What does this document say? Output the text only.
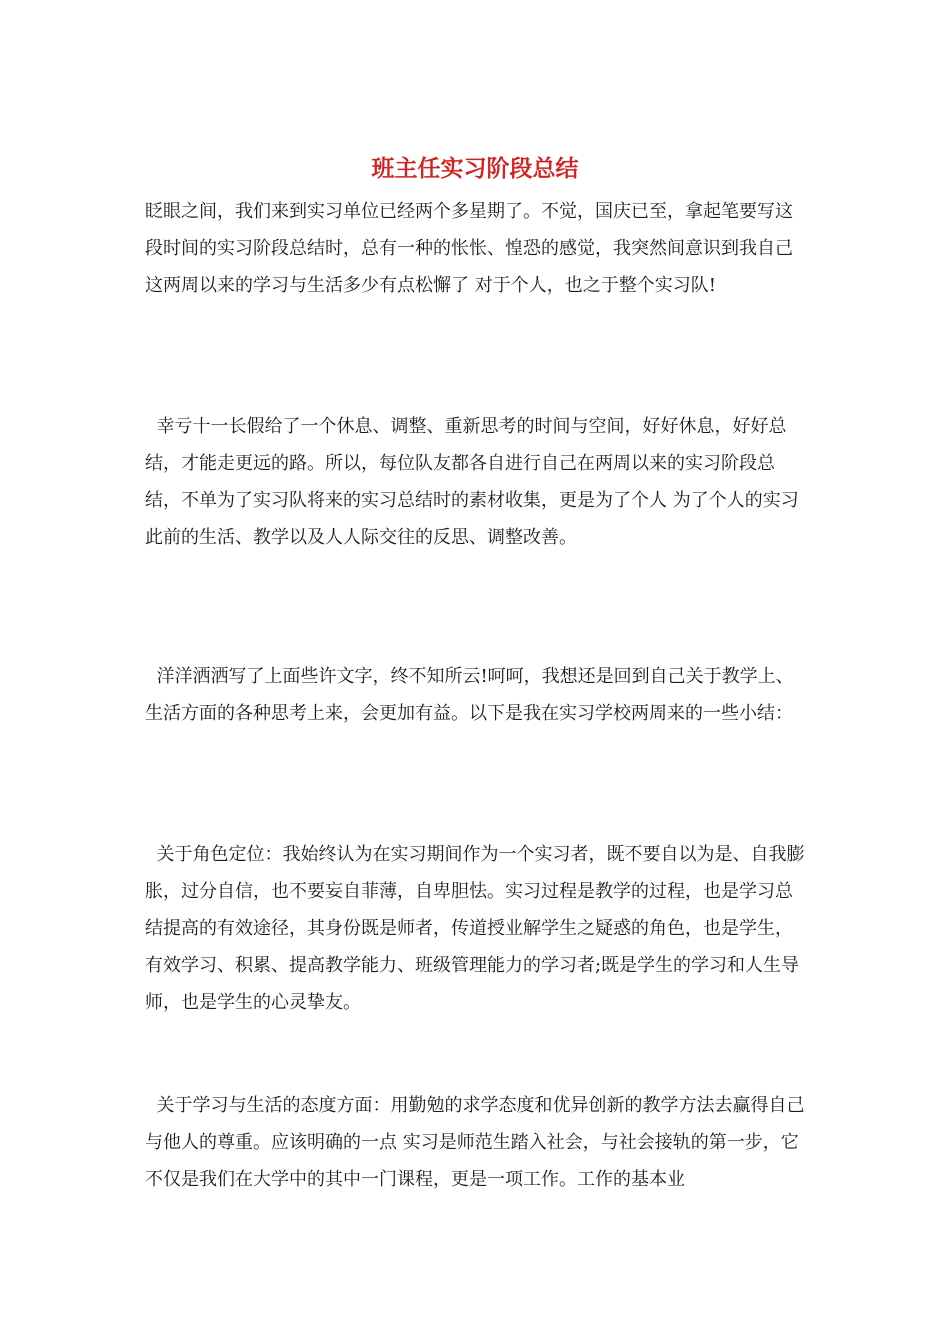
班主任实习阶段总结

眨眼之间，我们来到实习单位已经两个多星期了。不觉，国庆已至，拿起笔要写这段时间的实习阶段总结时，总有一种的怅怅、惶恐的感觉，我突然间意识到我自己这两周以来的学习与生活多少有点松懈了 对于个人，也之于整个实习队!

幸亏十一长假给了一个休息、调整、重新思考的时间与空间，好好休息，好好总结，才能走更远的路。所以，每位队友都各自进行自己在两周以来的实习阶段总结，不单为了实习队将来的实习总结时的素材收集，更是为了个人 为了个人的实习此前的生活、教学以及人人际交往的反思、调整改善。

洋洋洒洒写了上面些许文字，终不知所云!呵呵，我想还是回到自己关于教学上、生活方面的各种思考上来，会更加有益。以下是我在实习学校两周来的一些小结：

关于角色定位：我始终认为在实习期间作为一个实习者，既不要自以为是、自我膨胀，过分自信，也不要妄自菲薄，自卑胆怯。实习过程是教学的过程，也是学习总结提高的有效途径，其身份既是师者，传道授业解学生之疑惑的角色，也是学生，有效学习、积累、提高教学能力、班级管理能力的学习者;既是学生的学习和人生导师，也是学生的心灵挚友。

关于学习与生活的态度方面：用勤勉的求学态度和优异创新的教学方法去赢得自己与他人的尊重。应该明确的一点 实习是师范生踏入社会，与社会接轨的第一步，它不仅是我们在大学中的其中一门课程，更是一项工作。工作的基本业
